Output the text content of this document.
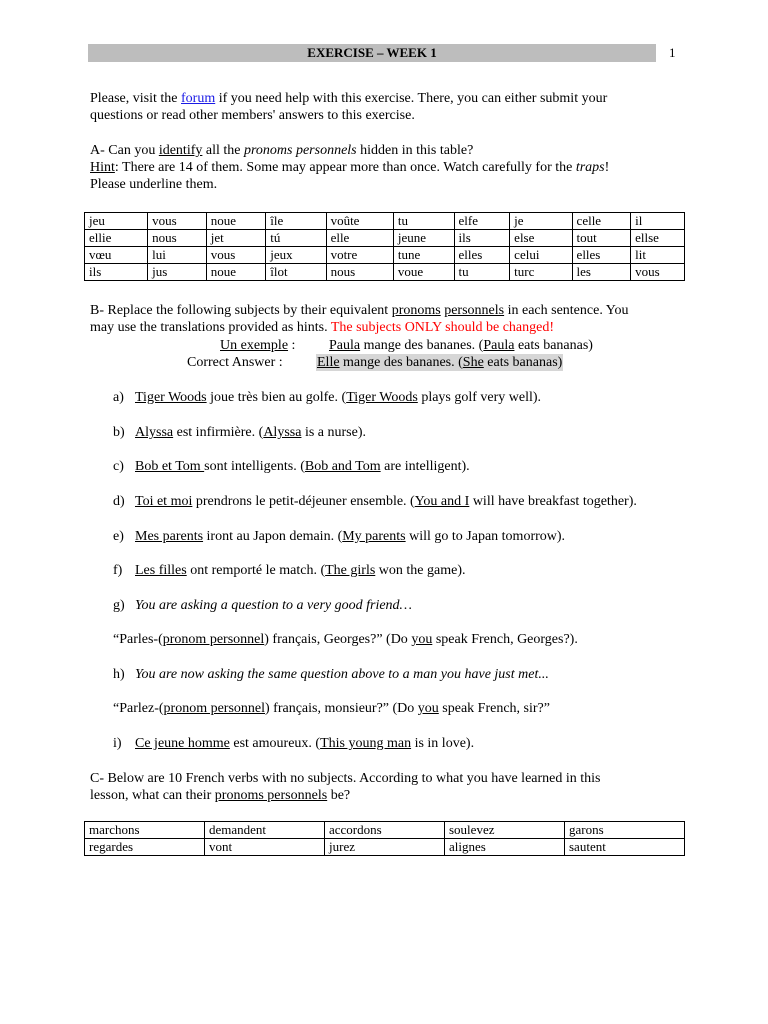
EXERCISE – WEEK 1	1
Please, visit the forum if you need help with this exercise. There, you can either submit your
questions or read other members' answers to this exercise.
A- Can you identify all the pronoms personnels hidden in this table?
Hint: There are 14 of them. Some may appear more than once. Watch carefully for the traps!
Please underline them.
jeu	vous	noue	île	voûte	tu	elfe	je	celle	il
ellie	nous	jet	tú	elle	jeune	ils	else	tout	ellse
vœu	lui	vous	jeux	votre	tune	elles	celui	elles	lit
ils	jus	noue	îlot	nous	voue	tu	turc	les	vous
B- Replace the following subjects by their equivalent pronoms personnels in each sentence. You
may use the translations provided as hints. The subjects ONLY should be changed!
Un exemple : Paula mange des bananes. (Paula eats bananas)
Correct Answer : Elle mange des bananes. (She eats bananas)
a) Tiger Woods joue très bien au golfe. (Tiger Woods plays golf very well).
b) Alyssa est infirmière. (Alyssa is a nurse).
c) Bob et Tom sont intelligents. (Bob and Tom are intelligent).
d) Toi et moi prendrons le petit-déjeuner ensemble. (You and I will have breakfast together).
e) Mes parents iront au Japon demain. (My parents will go to Japan tomorrow).
f) Les filles ont remporté le match. (The girls won the game).
g) You are asking a question to a very good friend…
“Parles-(pronom personnel) français, Georges?” (Do you speak French, Georges?).
h) You are now asking the same question above to a man you have just met...
“Parlez-(pronom personnel) français, monsieur?” (Do you speak French, sir?”
i) Ce jeune homme est amoureux. (This young man is in love).
C- Below are 10 French verbs with no subjects. According to what you have learned in this
lesson, what can their pronoms personnels be?
marchons	demandent	accordons	soulevez	garons
regardes	vont	jurez	alignes	sautent
